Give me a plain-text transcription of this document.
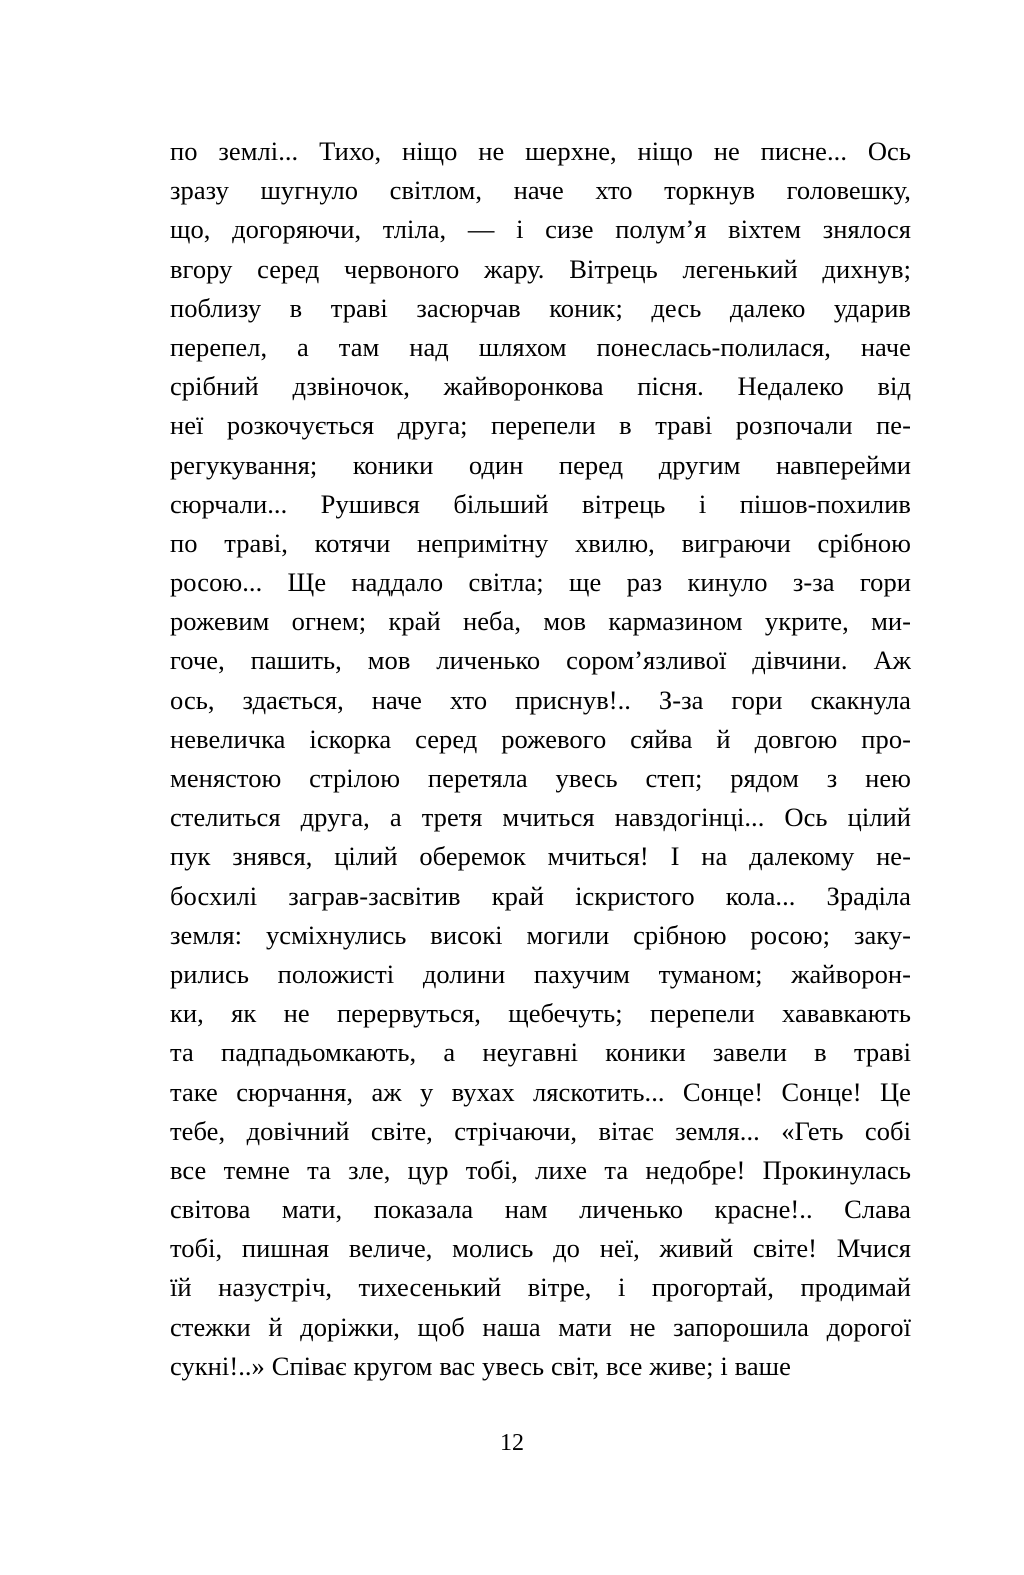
по землі... Тихо, ніщо не шерхне, ніщо не писне... Ось
зразу шугнуло світлом, наче хто торкнув головешку,
що, догоряючи, тліла, — і сизе полум’я віхтем знялося
вгору серед червоного жару. Вітрець легенький дихнув;
поблизу в траві засюрчав коник; десь далеко ударив
перепел, а там над шляхом понеслась-полилася, наче
срібний дзвіночок, жайворонкова пісня. Недалеко від
неї розкочується друга; перепели в траві розпочали пе-
регукування; коники один перед другим навперейми
сюрчали... Рушився більший вітрець і пішов-похилив
по траві, котячи непримітну хвилю, виграючи срібною
росою... Ще наддало світла; ще раз кинуло з-за гори
рожевим огнем; край неба, мов кармазином укрите, ми-
гоче, пашить, мов личенько сором’язливої дівчини. Аж
ось, здається, наче хто приснув!.. З-за гори скакнула
невеличка іскорка серед рожевого сяйва й довгою про-
менястою стрілою перетяла увесь степ; рядом з нею
стелиться друга, а третя мчиться навздогінці... Ось цілий
пук знявся, цілий оберемок мчиться! І на далекому не-
босхилі заграв-засвітив край іскристого кола... Зраділа
земля: усміхнулись високі могили срібною росою; заку-
рились положисті долини пахучим туманом; жайворон-
ки, як не перервуться, щебечуть; перепели хававкають
та падпадьомкають, а неугавні коники завели в траві
таке сюрчання, аж у вухах ляскотить... Сонце! Сонце! Це
тебе, довічний світе, стрічаючи, вітає земля... «Геть собі
все темне та зле, цур тобі, лихе та недобре! Прокинулась
світова мати, показала нам личенько красне!.. Слава
тобі, пишная величе, молись до неї, живий світе! Мчися
їй назустріч, тихесенький вітре, і прогортай, продимай
стежки й доріжки, щоб наша мати не запорошила дорогої
сукні!..» Співає кругом вас увесь світ, все живе; і ваше
12
